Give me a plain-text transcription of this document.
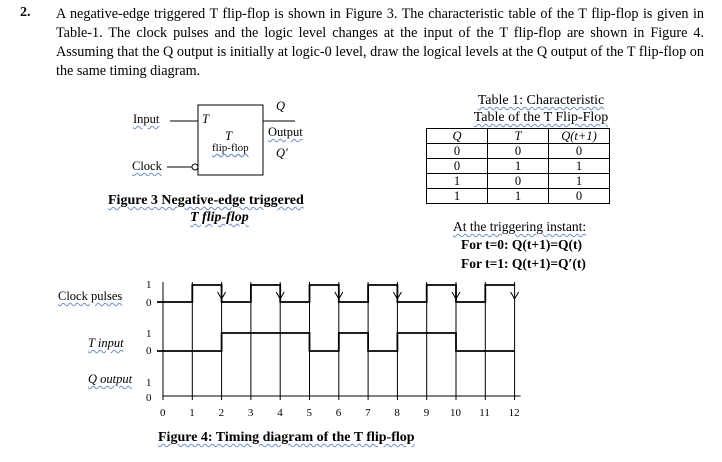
2. A negative-edge triggered T flip-flop is shown in Figure 3. The characteristic table of the T flip-flop is given in Table-1. The clock pulses and the logic level changes at the input of the T flip-flop are shown in Figure 4. Assuming that the Q output is initially at logic-0 level, draw the logical levels at the Q output of the T flip-flop on the same timing diagram.
Input
Clock
T
T
flip-flop
Q
Output
Q′
Figure 3 Negative-edge triggered
T flip-flop
Table 1: Characteristic
Table of the T Flip-Flop
Q	T	Q(t+1)
0	0	0
0	1	1
1	0	1
1	1	0
At the triggering instant:
For t=0: Q(t+1)=Q(t)
For t=1: Q(t+1)=Q′(t)
Clock pulses
T input
Q output
1
0
1
0
1
0
0 1 2 3 4 5 6 7 8 9 10 11 12
Figure 4: Timing diagram of the T flip-flop
